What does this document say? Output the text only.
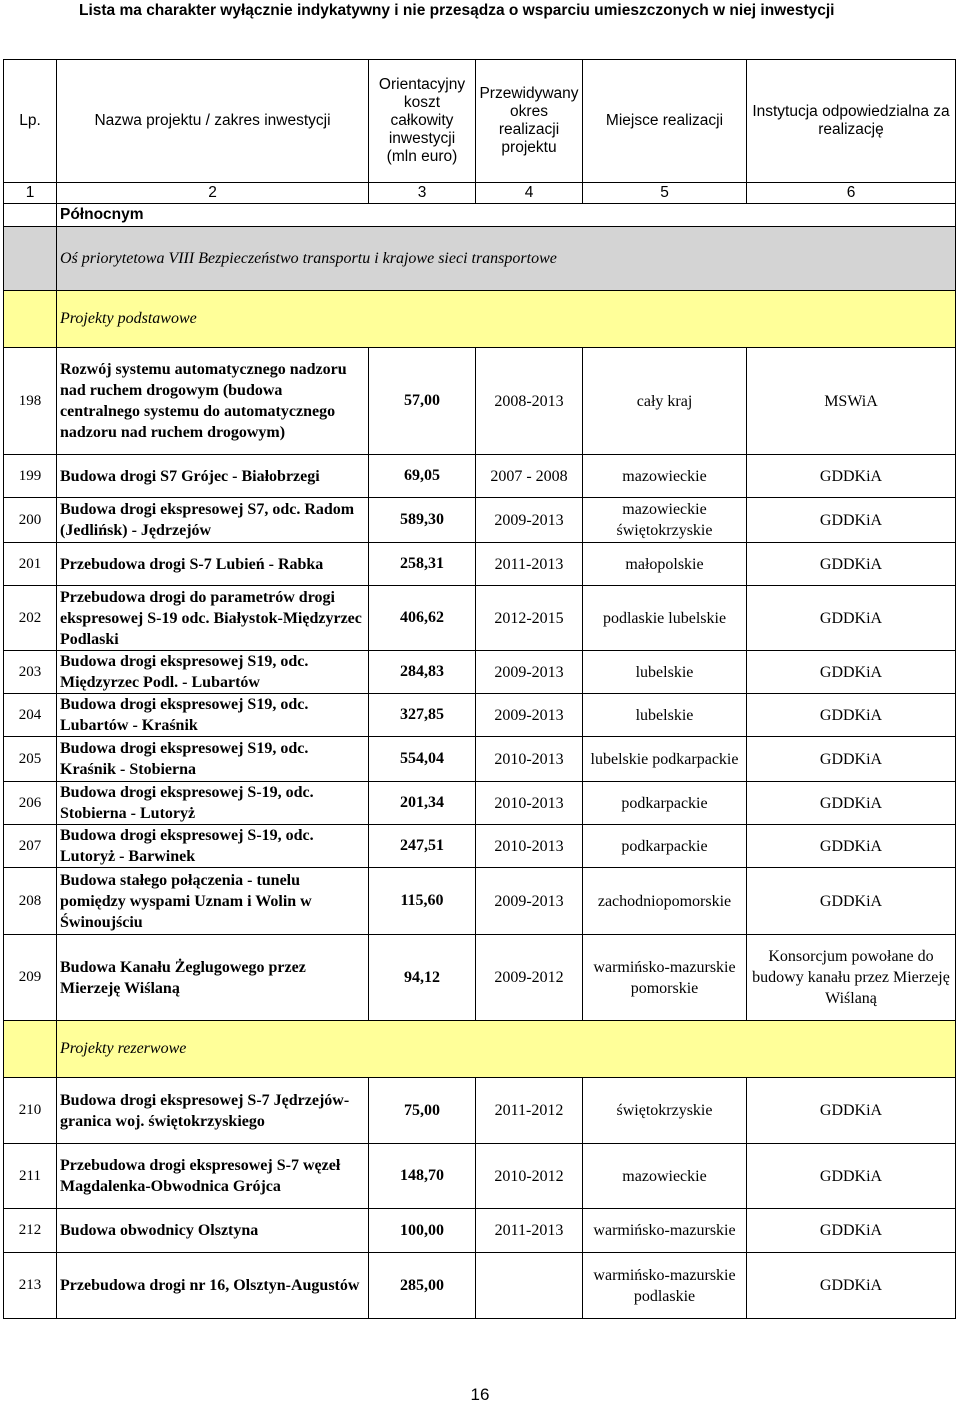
Lista ma charakter wyłącznie indykatywny i nie przesądza o wsparciu umieszczonych w niej inwestycji
Lp.	Nazwa projektu / zakres inwestycji	Orientacyjny koszt całkowity inwestycji (mln euro)	Przewidywany okres realizacji projektu	Miejsce realizacji	Instytucja odpowiedzialna za realizację
1	2	3	4	5	6
	Północnym				
	Oś priorytetowa VIII Bezpieczeństwo transportu i krajowe sieci transportowe				
	Projekty podstawowe				
198	Rozwój systemu automatycznego nadzoru nad ruchem drogowym (budowa centralnego systemu do automatycznego nadzoru nad ruchem drogowym)	57,00	2008-2013	cały kraj	MSWiA
199	Budowa drogi S7 Grójec - Białobrzegi	69,05	2007 - 2008	mazowieckie	GDDKiA
200	Budowa drogi ekspresowej S7, odc. Radom (Jedlińsk) - Jędrzejów	589,30	2009-2013	mazowieckie świętokrzyskie	GDDKiA
201	Przebudowa drogi S-7 Lubień - Rabka	258,31	2011-2013	małopolskie	GDDKiA
202	Przebudowa drogi do parametrów drogi ekspresowej S-19 odc. Białystok-Międzyrzec Podlaski	406,62	2012-2015	podlaskie lubelskie	GDDKiA
203	Budowa drogi ekspresowej S19, odc. Międzyrzec Podl. - Lubartów	284,83	2009-2013	lubelskie	GDDKiA
204	Budowa drogi ekspresowej S19, odc. Lubartów - Kraśnik	327,85	2009-2013	lubelskie	GDDKiA
205	Budowa drogi ekspresowej S19, odc. Kraśnik - Stobierna	554,04	2010-2013	lubelskie podkarpackie	GDDKiA
206	Budowa drogi ekspresowej S-19, odc. Stobierna - Lutoryż	201,34	2010-2013	podkarpackie	GDDKiA
207	Budowa drogi ekspresowej S-19, odc. Lutoryż - Barwinek	247,51	2010-2013	podkarpackie	GDDKiA
208	Budowa stałego połączenia - tunelu pomiędzy wyspami Uznam i Wolin w Świnoujściu	115,60	2009-2013	zachodniopomorskie	GDDKiA
209	Budowa Kanału Żeglugowego przez Mierzeję Wiślaną	94,12	2009-2012	warmińsko-mazurskie pomorskie	Konsorcjum powołane do budowy kanału przez Mierzeję Wiślaną
	Projekty rezerwowe				
210	Budowa drogi ekspresowej S-7 Jędrzejów- granica woj. świętokrzyskiego	75,00	2011-2012	świętokrzyskie	GDDKiA
211	Przebudowa drogi ekspresowej S-7 węzeł Magdalenka-Obwodnica Grójca	148,70	2010-2012	mazowieckie	GDDKiA
212	Budowa obwodnicy Olsztyna	100,00	2011-2013	warmińsko-mazurskie	GDDKiA
213	Przebudowa drogi nr 16, Olsztyn-Augustów	285,00		warmińsko-mazurskie podlaskie	GDDKiA
16
